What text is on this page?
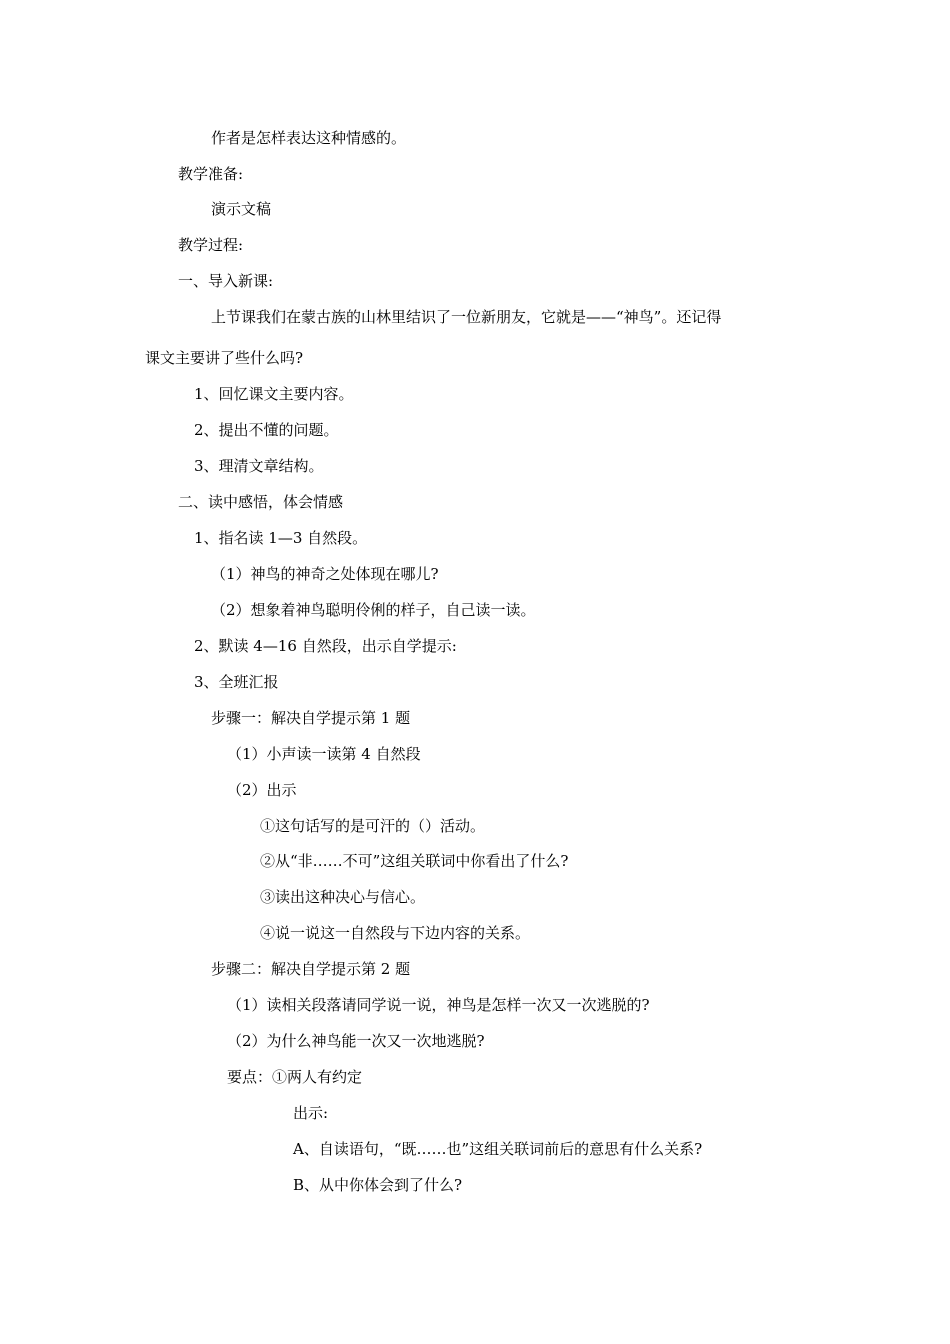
作者是怎样表达这种情感的。
教学准备:
演示文稿
教学过程:
一、导入新课:
上节课我们在蒙古族的山林里结识了一位新朋友，它就是——“神鸟”。还记得
课文主要讲了些什么吗?
1、回忆课文主要内容。
2、提出不懂的问题。
3、理清文章结构。
二、读中感悟，体会情感
1、指名读 1—3 自然段。
（1）神鸟的神奇之处体现在哪儿?
（2）想象着神鸟聪明伶俐的样子，自己读一读。
2、默读 4—16 自然段，出示自学提示:
3、全班汇报
步骤一：解决自学提示第 1 题
（1）小声读一读第 4 自然段
（2）出示
①这句话写的是可汗的（）活动。
②从“非……不可”这组关联词中你看出了什么?
③读出这种决心与信心。
④说一说这一自然段与下边内容的关系。
步骤二：解决自学提示第 2 题
（1）读相关段落请同学说一说，神鸟是怎样一次又一次逃脱的?
（2）为什么神鸟能一次又一次地逃脱?
要点：①两人有约定
出示:
A、自读语句，“既……也”这组关联词前后的意思有什么关系?
B、从中你体会到了什么?
